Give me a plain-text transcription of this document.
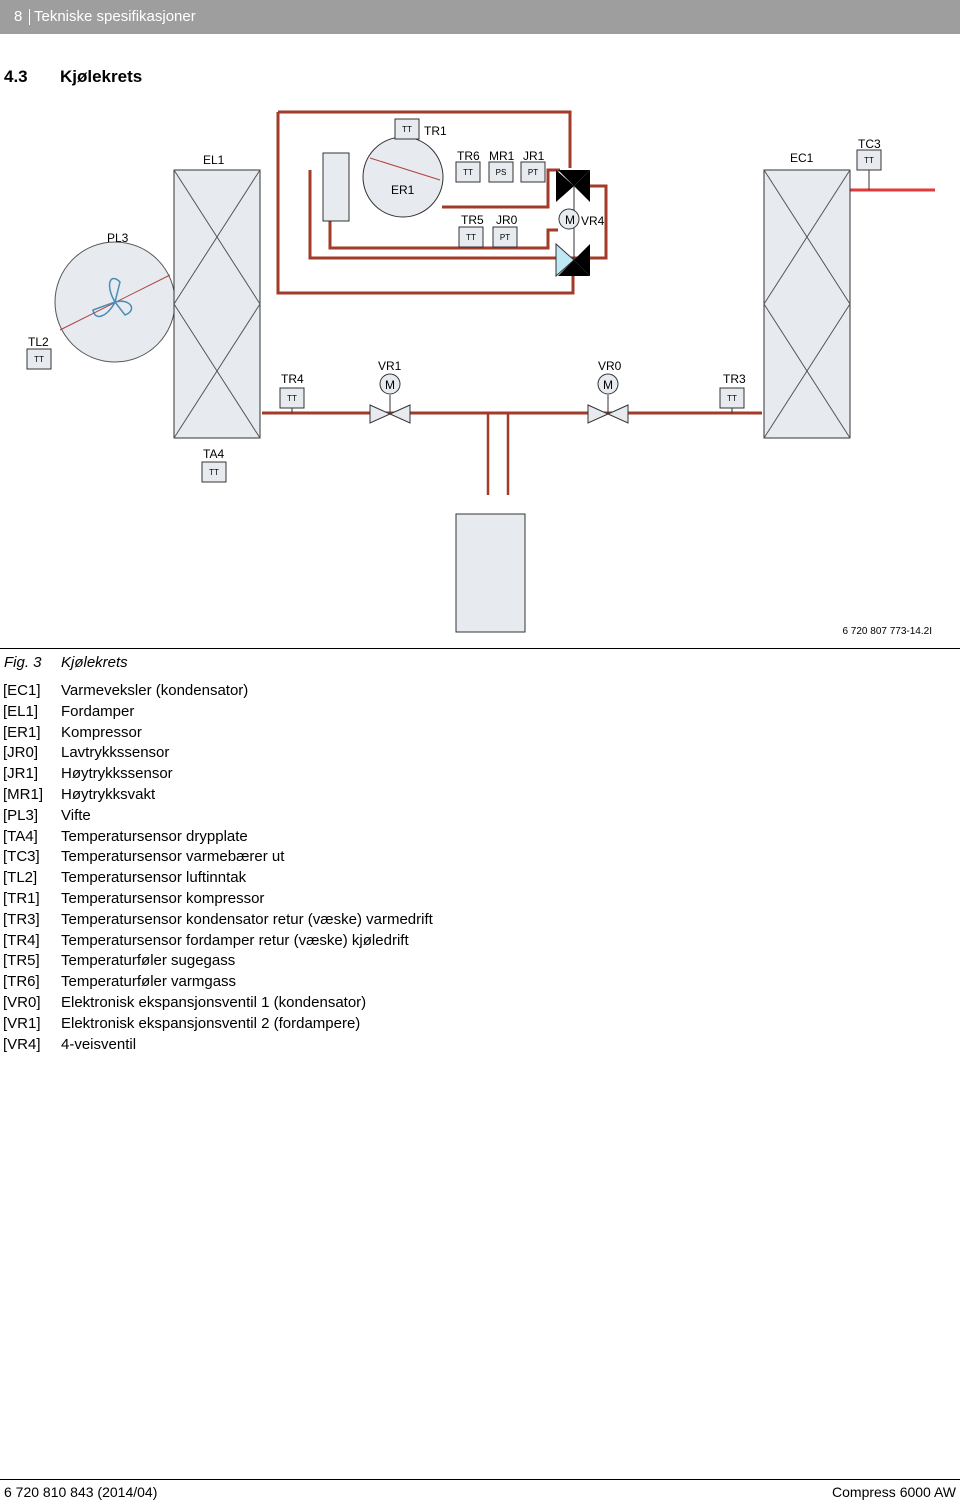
8 Tekniske spesifikasjoner
4.3 Kjølekrets
EL1	EC1
ER1
PL3
TR1
TR6 MR1 JR1
TR5 JR0	VR4
TC3
TL2
TR4
VR1	VR0
TR3
TA4
M
M	M
TT
TT	PS	PT
TT	PT
TT
TT
TT	TT
TT
6 720 807 773-14.2I
Fig. 3 Kjølekrets
[EC1] Varmeveksler (kondensator)
[EL1] Fordamper
[ER1] Kompressor
[JR0] Lavtrykkssensor
[JR1] Høytrykkssensor
[MR1] Høytrykksvakt
[PL3] Vifte
[TA4] Temperatursensor drypplate
[TC3] Temperatursensor varmebærer ut
[TL2] Temperatursensor luftinntak
[TR1] Temperatursensor kompressor
[TR3] Temperatursensor kondensator retur (væske) varmedrift
[TR4] Temperatursensor fordamper retur (væske) kjøledrift
[TR5] Temperaturføler sugegass
[TR6] Temperaturføler varmgass
[VR0] Elektronisk ekspansjonsventil 1 (kondensator)
[VR1] Elektronisk ekspansjonsventil 2 (fordampere)
[VR4] 4-veisventil
6 720 810 843 (2014/04)	Compress 6000 AW
